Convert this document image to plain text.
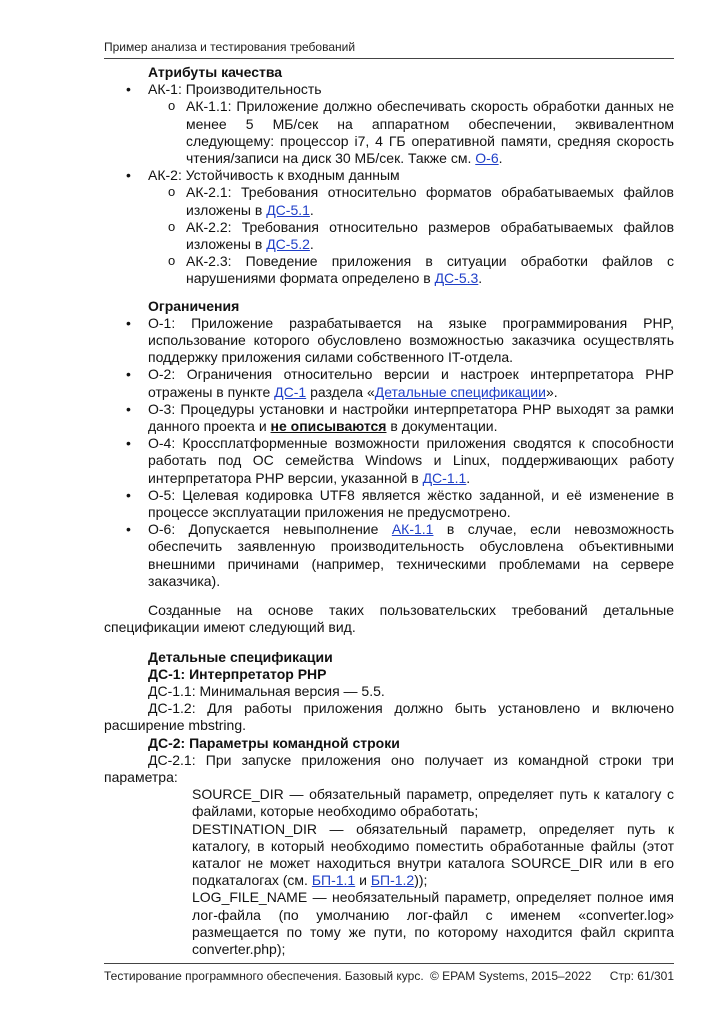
Пример анализа и тестирования требований

Атрибуты качества

• АК-1: Производительность
o АК-1.1: Приложение должно обеспечивать скорость обработки данных не менее 5 МБ/сек на аппаратном обеспечении, эквивалентном следующему: процессор i7, 4 ГБ оперативной памяти, средняя скорость чтения/записи на диск 30 МБ/сек. Также см. О-6.
• АК-2: Устойчивость к входным данным
o АК-2.1: Требования относительно форматов обрабатываемых файлов изложены в ДС-5.1.
o АК-2.2: Требования относительно размеров обрабатываемых файлов изложены в ДС-5.2.
o АК-2.3: Поведение приложения в ситуации обработки файлов с нарушениями формата определено в ДС-5.3.

Ограничения

• О-1: Приложение разрабатывается на языке программирования PHP, использование которого обусловлено возможностью заказчика осуществлять поддержку приложения силами собственного IT-отдела.
• О-2: Ограничения относительно версии и настроек интерпретатора PHP отражены в пункте ДС-1 раздела «Детальные спецификации».
• О-3: Процедуры установки и настройки интерпретатора PHP выходят за рамки данного проекта и не описываются в документации.
• О-4: Кроссплатформенные возможности приложения сводятся к способности работать под ОС семейства Windows и Linux, поддерживающих работу интерпретатора PHP версии, указанной в ДС-1.1.
• О-5: Целевая кодировка UTF8 является жёстко заданной, и её изменение в процессе эксплуатации приложения не предусмотрено.
• О-6: Допускается невыполнение АК-1.1 в случае, если невозможность обеспечить заявленную производительность обусловлена объективными внешними причинами (например, техническими проблемами на сервере заказчика).

Созданные на основе таких пользовательских требований детальные спецификации имеют следующий вид.

Детальные спецификации

ДС-1: Интерпретатор PHP

ДС-1.1: Минимальная версия — 5.5.

ДС-1.2: Для работы приложения должно быть установлено и включено расширение mbstring.

ДС-2: Параметры командной строки

ДС-2.1: При запуске приложения оно получает из командной строки три параметра:

SOURCE_DIR — обязательный параметр, определяет путь к каталогу с файлами, которые необходимо обработать;

DESTINATION_DIR — обязательный параметр, определяет путь к каталогу, в который необходимо поместить обработанные файлы (этот каталог не может находиться внутри каталога SOURCE_DIR или в его подкаталогах (см. БП-1.1 и БП-1.2));

LOG_FILE_NAME — необязательный параметр, определяет полное имя лог-файла (по умолчанию лог-файл с именем «converter.log» размещается по тому же пути, по которому находится файл скрипта converter.php);

Тестирование программного обеспечения. Базовый курс. © EPAM Systems, 2015–2022 Стр: 61/301
